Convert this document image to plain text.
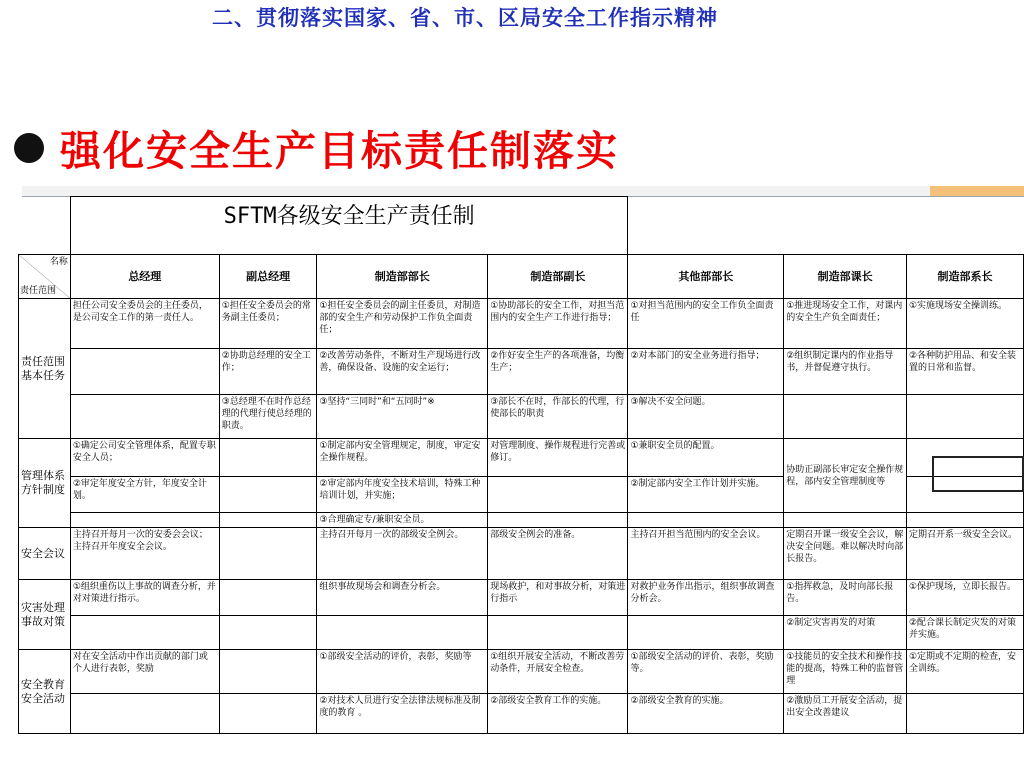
二、贯彻落实国家、省、市、区局安全工作指示精神
强化安全生产目标责任制落实
	SFTM各级安全生产责任制						

名称
责任范围	总经理	副总经理	制造部部长	制造部副长	其他部部长	制造部课长	制造部系长
责任范围基本任务	担任公司安全委员会的主任委员，是公司安全工作的第一责任人。	①担任安全委员会的常务副主任委员；	①担任安全委员会的副主任委员，对制造部的安全生产和劳动保护工作负全面责任；	①协助部长的安全工作，对担当范围内的安全生产工作进行指导；	①对担当范围内的安全工作负全面责任	①推进现场安全工作，对课内的安全生产负全面责任；	①实施现场安全操训练。
		②协助总经理的安全工作；	②改善劳动条件，不断对生产现场进行改善，确保设备、设施的安全运行；	②作好安全生产的各项准备，均衡生产；	②对本部门的安全业务进行指导；	②组织制定课内的作业指导书，并督促遵守执行。	②各种防护用品、和安全装置的日常和监督。
		③总经理不在时作总经理的代理行使总经理的职责。	③坚持“三同时”和“五同时”※	③部长不在时，作部长的代理，行使部长的职责	③解决不安全问题。		
管理体系方针制度	①确定公司安全管理体系，配置专职安全人员；		①制定部内安全管理规定，制度，审定安全操作规程。	对管理制度、操作规程进行完善或修订。	①兼职安全员的配置。	协助正副部长审定安全操作规程，部内安全管理制度等	
	②审定年度安全方针，年度安全计划。		②审定部内年度安全技术培训，特殊工种培训计划，并实施；		②制定部内安全工作计划并实施。		
			③合理确定专/兼职安全员。				
安全会议	主持召开每月一次的安委会会议；主持召开年度安全会议。		主持召开每月一次的部级安全例会。	部级安全例会的准备。	主持召开担当范围内的安全会议。	定期召开课一级安全会议，解决安全问题。难以解决时向部长报告。	定期召开系一级安全会议。
灾害处理事故对策	①组织重伤以上事故的调查分析，并对对策进行指示。		组织事故现场会和调查分析会。	现场救护，和对事故分析，对策进行指示	对救护业务作出指示，组织事故调查分析会。	①指挥救急，及时向部长报告。	①保护现场，立即长报告。
						②制定灾害再发的对策	②配合课长制定灾发的对策并实施。
安全教育安全活动	对在安全活动中作出贡献的部门或个人进行表彰，奖励		①部级安全活动的评价，表彰，奖励等	①组织开展安全活动，不断改善劳动条件，开展安全检查。	①部级安全活动的评价、表彰，奖励等。	①技能员的安全技术和操作技能的提高，特殊工种的监督管理	①定期或不定期的检查，安全训练。
			②对技术人员进行安全法律法规标准及制度的教育 。	②部级安全教育工作的实施。	②部级安全教育的实施。	②激励员工开展安全活动，提出安全改善建议	
